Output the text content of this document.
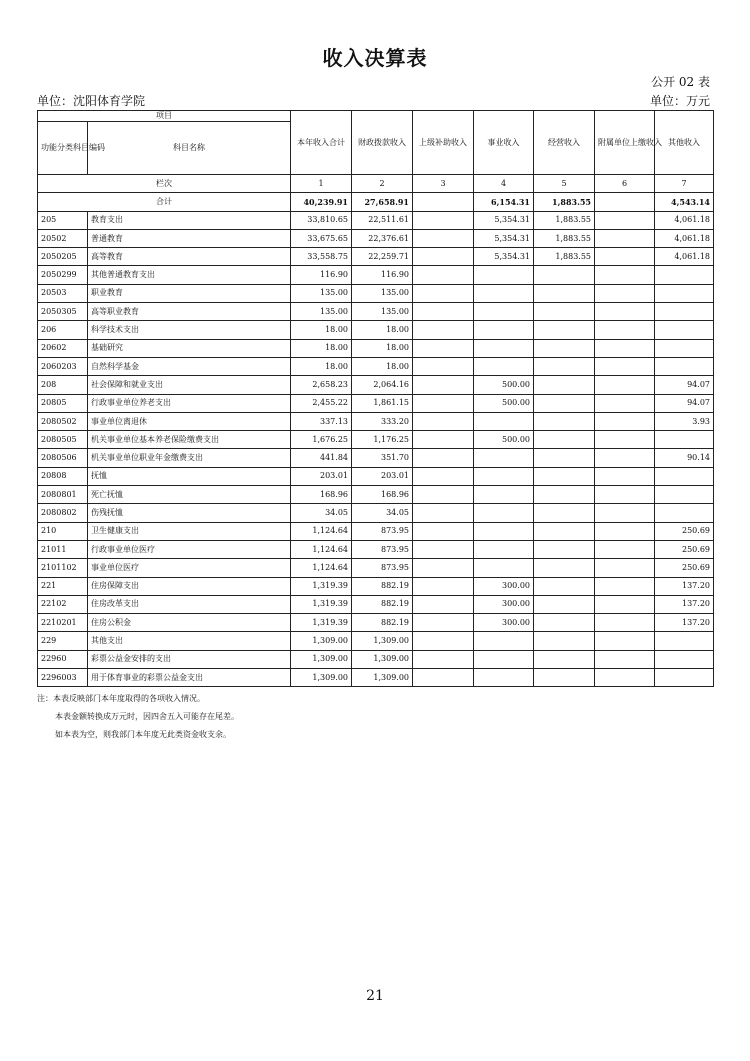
收入决算表
公开 02 表
单位：沈阳体育学院	单位：万元
项目		本年收入合计	财政拨款收入	上级补助收入	事业收入	经营收入	附属单位上缴收入	其他收入
功能分类科目编码	科目名称							
栏次		1	2	3	4	5	6	7
合计		40,239.91	27,658.91		6,154.31	1,883.55		4,543.14
205	教育支出	33,810.65	22,511.61		5,354.31	1,883.55		4,061.18
20502	普通教育	33,675.65	22,376.61		5,354.31	1,883.55		4,061.18
2050205	高等教育	33,558.75	22,259.71		5,354.31	1,883.55		4,061.18
2050299	其他普通教育支出	116.90	116.90					
20503	职业教育	135.00	135.00					
2050305	高等职业教育	135.00	135.00					
206	科学技术支出	18.00	18.00					
20602	基础研究	18.00	18.00					
2060203	自然科学基金	18.00	18.00					
208	社会保障和就业支出	2,658.23	2,064.16		500.00			94.07
20805	行政事业单位养老支出	2,455.22	1,861.15		500.00			94.07
2080502	事业单位离退休	337.13	333.20					3.93
2080505	机关事业单位基本养老保险缴费支出	1,676.25	1,176.25		500.00			
2080506	机关事业单位职业年金缴费支出	441.84	351.70					90.14
20808	抚恤	203.01	203.01					
2080801	死亡抚恤	168.96	168.96					
2080802	伤残抚恤	34.05	34.05					
210	卫生健康支出	1,124.64	873.95					250.69
21011	行政事业单位医疗	1,124.64	873.95					250.69
2101102	事业单位医疗	1,124.64	873.95					250.69
221	住房保障支出	1,319.39	882.19		300.00			137.20
22102	住房改革支出	1,319.39	882.19		300.00			137.20
2210201	住房公积金	1,319.39	882.19		300.00			137.20
229	其他支出	1,309.00	1,309.00					
22960	彩票公益金安排的支出	1,309.00	1,309.00					
2296003	用于体育事业的彩票公益金支出	1,309.00	1,309.00					
注：本表反映部门本年度取得的各项收入情况。
本表金额转换成万元时，因四舍五入可能存在尾差。
如本表为空，则我部门本年度无此类资金收支余。
21
